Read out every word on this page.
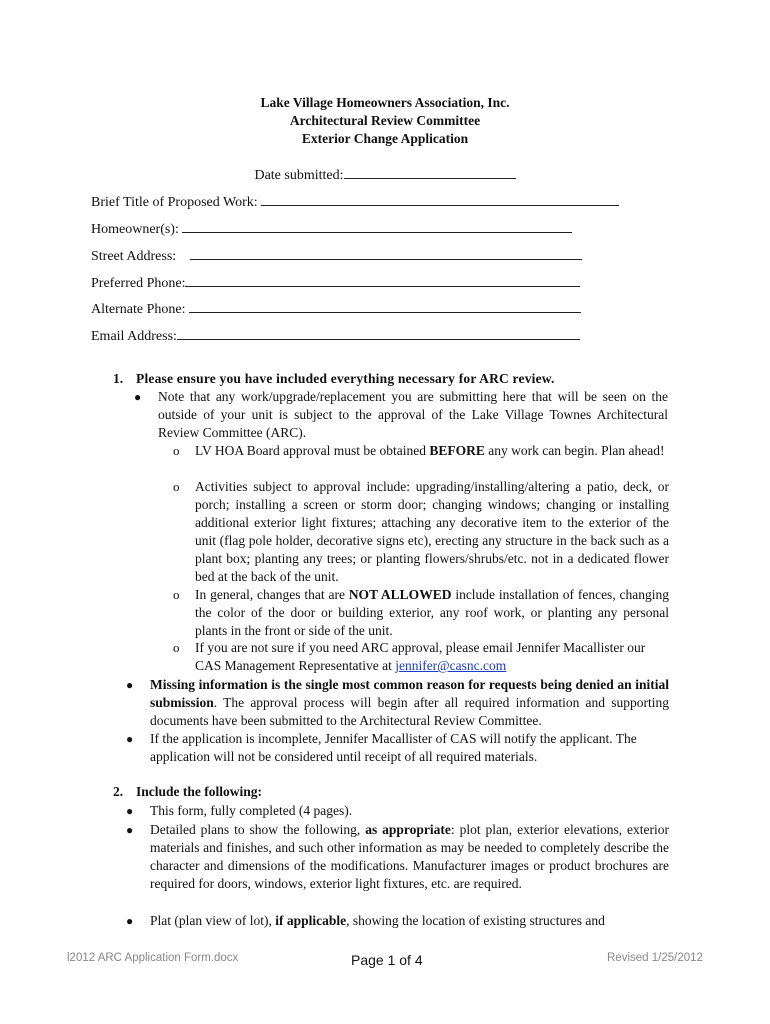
Lake Village Homeowners Association, Inc.
Architectural Review Committee
Exterior Change Application
Date submitted:
Brief Title of Proposed Work:
Homeowner(s):
Street Address:
Preferred Phone:
Alternate Phone:
Email Address:
1. Please ensure you have included everything necessary for ARC review.
● Note that any work/upgrade/replacement you are submitting here that will be seen on the outside of your unit is subject to the approval of the Lake Village Townes Architectural Review Committee (ARC).
o LV HOA Board approval must be obtained BEFORE any work can begin. Plan ahead!
o Activities subject to approval include: upgrading/installing/altering a patio, deck, or porch; installing a screen or storm door; changing windows; changing or installing additional exterior light fixtures; attaching any decorative item to the exterior of the unit (flag pole holder, decorative signs etc), erecting any structure in the back such as a plant box; planting any trees; or planting flowers/shrubs/etc. not in a dedicated flower bed at the back of the unit.
o In general, changes that are NOT ALLOWED include installation of fences, changing the color of the door or building exterior, any roof work, or planting any personal plants in the front or side of the unit.
o If you are not sure if you need ARC approval, please email Jennifer Macallister our CAS Management Representative at jennifer@casnc.com
● Missing information is the single most common reason for requests being denied an initial submission. The approval process will begin after all required information and supporting documents have been submitted to the Architectural Review Committee.
● If the application is incomplete, Jennifer Macallister of CAS will notify the applicant. The application will not be considered until receipt of all required materials.
2. Include the following:
● This form, fully completed (4 pages).
● Detailed plans to show the following, as appropriate: plot plan, exterior elevations, exterior materials and finishes, and such other information as may be needed to completely describe the character and dimensions of the modifications. Manufacturer images or product brochures are required for doors, windows, exterior light fixtures, etc. are required.
● Plat (plan view of lot), if applicable, showing the location of existing structures and
l2012 ARC Application Form.docx	Page 1 of 4	Revised 1/25/2012
